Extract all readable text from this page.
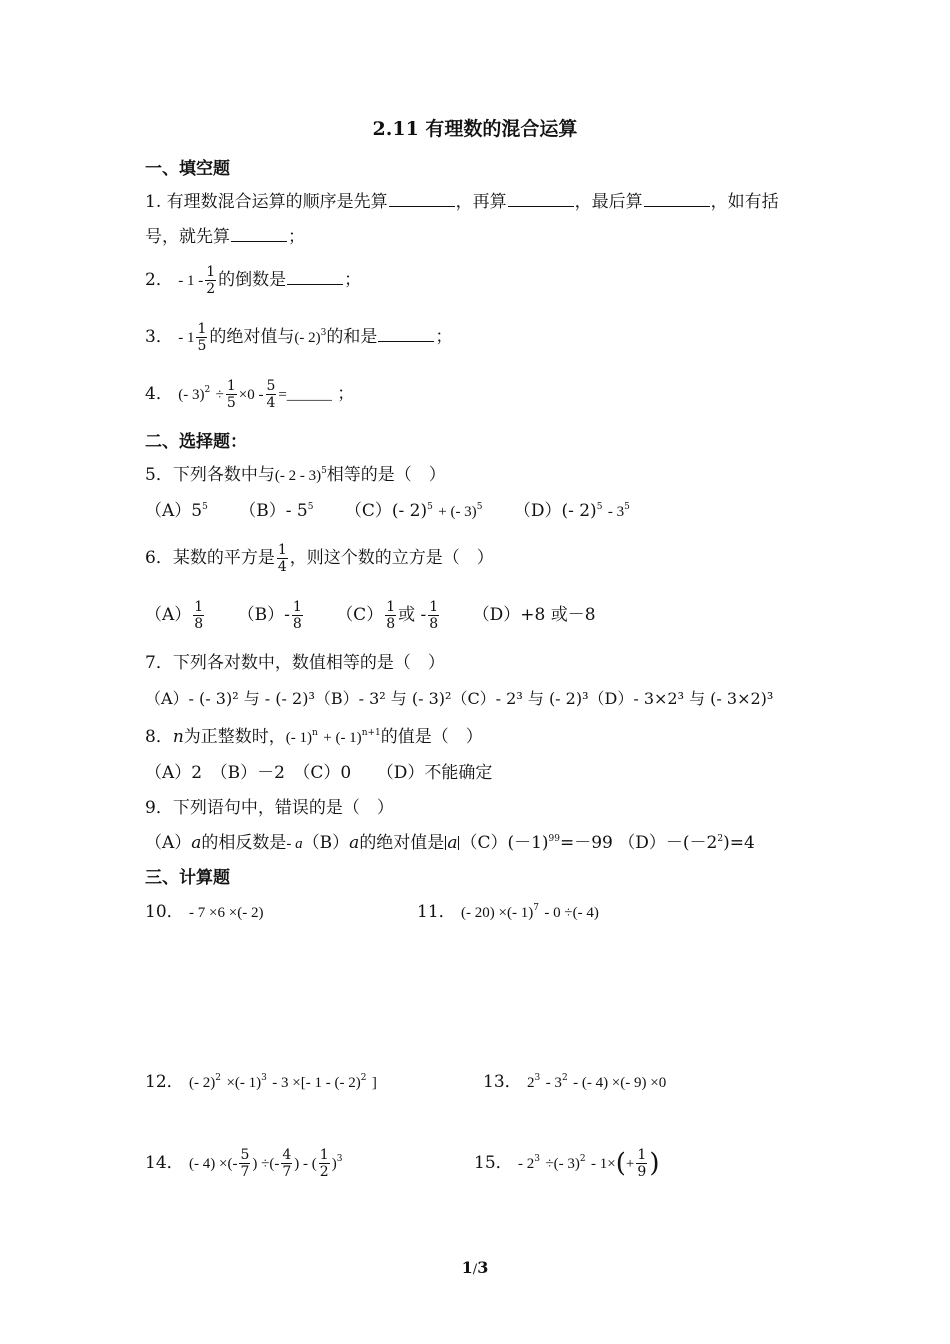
2.11 有理数的混合运算
一、填空题
1. 有理数混合运算的顺序是先算	，再算	，最后算	，如有括
号，就先算	；
2． - $1 - \frac{1}{2}$ 的倒数是	；
3． - $1 \frac{1}{5}$ 的绝对值与(- 2)$^3$的和是	；
4． (- $3)^2 \div \frac{1}{5} \times 0 - \frac{5}{4}$ =______ ；
二、选择题：
5．下列各数中与(- 2 - 3)$^5$相等的是（　）
$(A)5^5$ （B）- $5^5$ （C）(- 2)$^5$ + (- 3)$^5$ （D）(- $2)^5 - 3^5$
6．某数的平方是 $\frac{1}{4}$ ，则这个数的立方是（　）
$(A) \frac{1}{8} (B)- \frac{1}{8} (C) \frac{1}{8}$ 或 - $\frac{1}{8} (D)+8$ 或－8
7．下列各对数中，数值相等的是（　）
（A）- (- 3)² 与 - (- 2)³（B）- 3² 与 (- 3)²（C）- 2³ 与 (- 2)³（D）- 3×2³ 与 (- 3×2)³
8．n为正整数时，(- 1)$^n$ + (- 1)$^{n+1}$的值是（　）
（A）2　（B）－2　（C）0　　（D）不能确定
9．下列语句中，错误的是（　）
（A）a的相反数是- a（B）a的绝对值是 a $(C)(-1)^{99}=-99$ $(D)-(-2^2)=4$
三、计算题
10． - 7 ×6 ×(- 2)	11． (- 20) ×(- 1)$^7$ - 0 ÷(- 4)
12． (- 2)$^2$ ×(- 1)$^3$ - 3 ×[- 1 - (- 2)$^2$ ]	13． $2^3 - 3^2$ - (- 4) ×(- 9) ×0
14． (- 4) ×(- $\frac{5}{7}$ ) ÷(- $\frac{4}{7}$ ) - ( $\frac{1}{2} )^3$	15． - $2^3$ ÷(- $3)^2 - 1\times(+ \frac{1}{9}$ )
1/3
